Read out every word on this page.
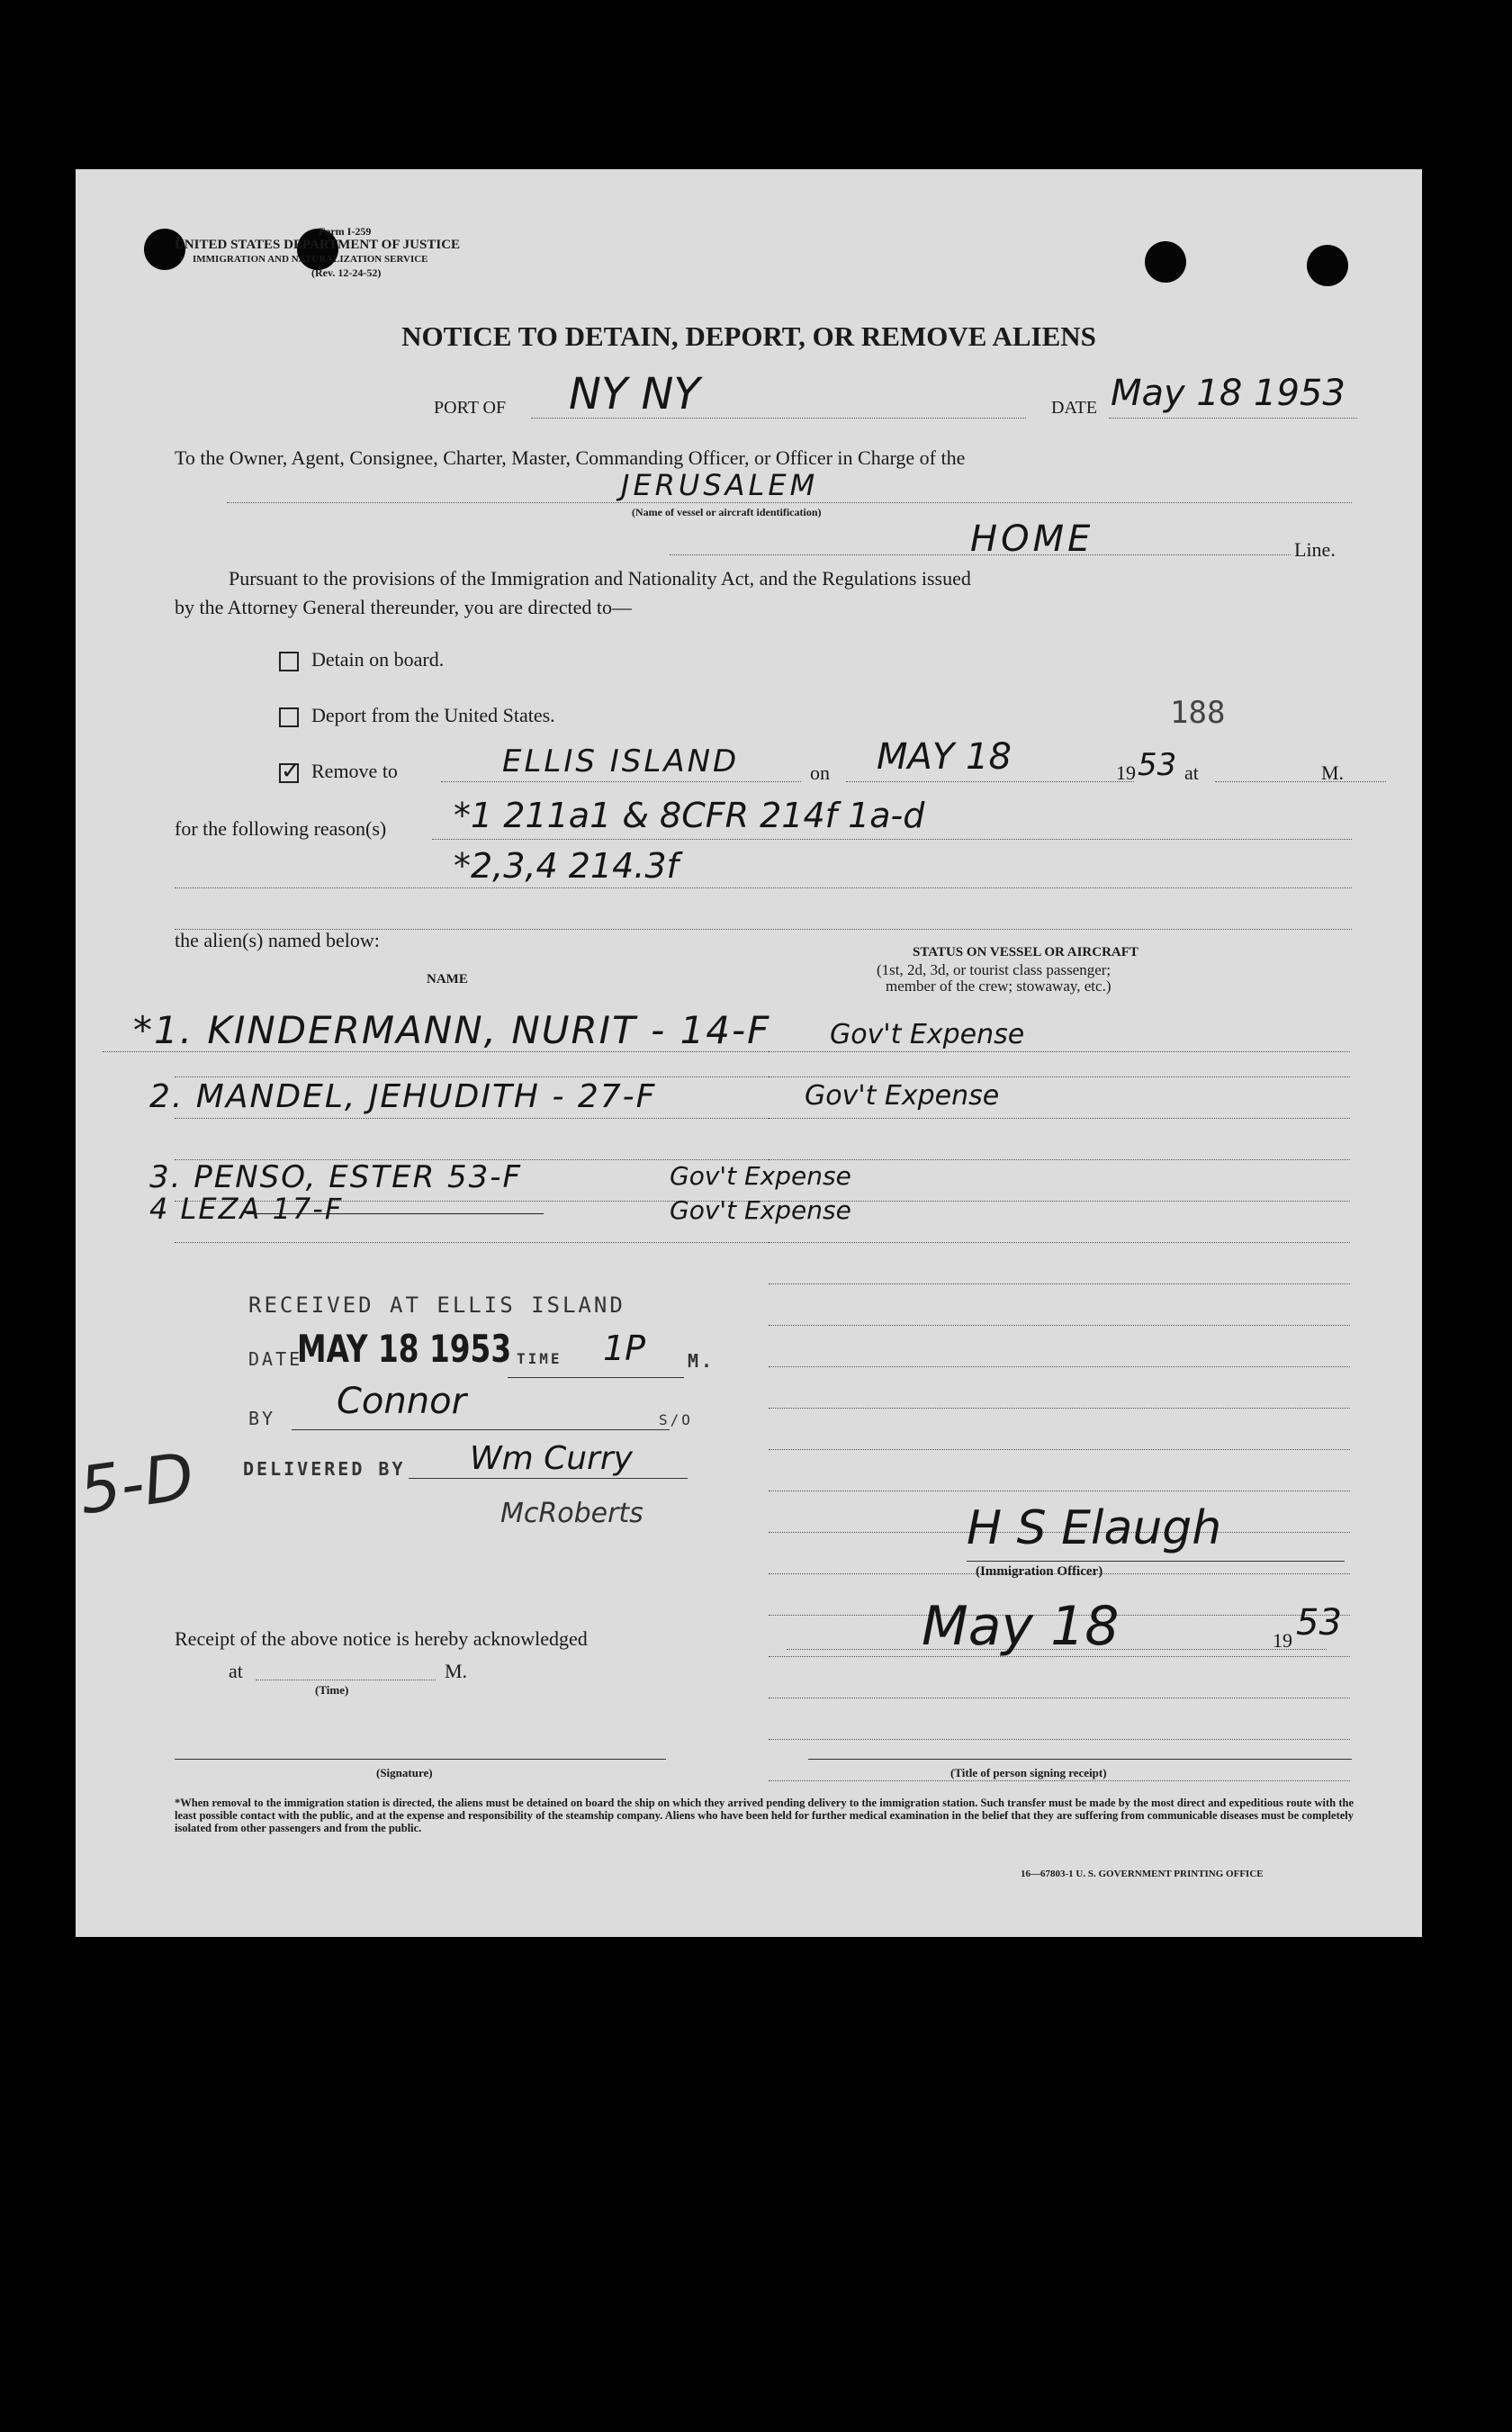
Form I-259
UNITED STATES DEPARTMENT OF JUSTICE
IMMIGRATION AND NATURALIZATION SERVICE
(Rev. 12-24-52)
NOTICE TO DETAIN, DEPORT, OR REMOVE ALIENS
PORT OF NY NY	DATE May 18 1953
To the Owner, Agent, Consignee, Charter, Master, Commanding Officer, or Officer in Charge of the
JERUSALEM
(Name of vessel or aircraft identification)
HOME	Line.
Pursuant to the provisions of the Immigration and Nationality Act, and the Regulations issued
by the Attorney General thereunder, you are directed to—
Detain on board.
Deport from the United States.	188
✓Remove to	ELLIS ISLAND	on MAY 18	19 53 at	M.
for the following reason(s) *1 211a1 & 8CFR 214f 1a-d
*2,3,4 214.3f
the alien(s) named below:
NAME
STATUS ON VESSEL OR AIRCRAFT
(1st, 2d, 3d, or tourist class passenger;
member of the crew; stowaway, etc.)
*1. KINDERMANN, NURIT - 14-F Gov't Expense
2. MANDEL, JEHUDITH - 27-F	Gov't Expense
3. PENSO, ESTER 53-F	Gov't Expense
4 LEZA 17-F	Gov't Expense
RECEIVED AT ELLIS ISLAND
DATE
MAY 18 1953 TIME 1P M.
BY Connor	S/O
DELIVERED BY Wm Curry
McRoberts
5-D	H S Elaugh
(Immigration Officer)
Receipt of the above notice is hereby acknowledged	May 18	19 53
at	M.
(Time)
(Signature)	(Title of person signing receipt)
*When removal to the immigration station is directed, the aliens must be detained on board the ship on which they arrived pending delivery to the immigration station. Such transfer must be made by the most direct and expeditious route with the least possible contact with the public, and at the expense and responsibility of the steamship company. Aliens who have been held for further medical examination in the belief that they are suffering from communicable diseases must be completely isolated from other passengers and from the public.
16—67803-1 U. S. GOVERNMENT PRINTING OFFICE
